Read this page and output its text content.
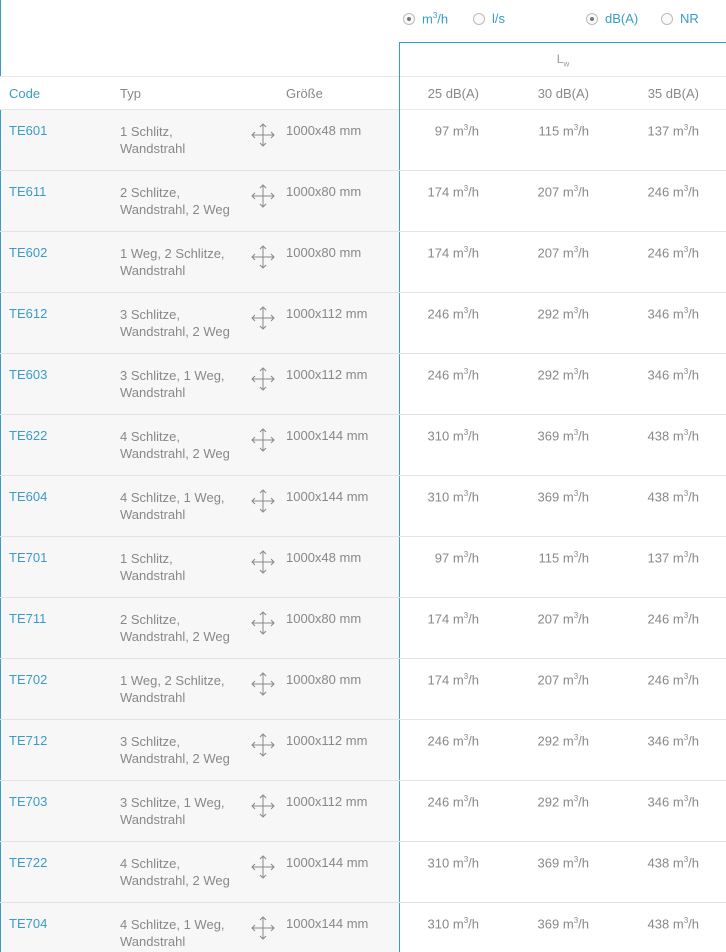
$m^3/h$	l/s	dB(A)	NR
$L_w$
Code	Typ	Größe	25 dB(A)	30 dB(A)	35 dB(A)
TE601	1 Schlitz,
Wandstrahl
1000x48 mm	97 $m^3/h$	115 $m^3/h$	137 $m^3/h$
TE611	2 Schlitze,
Wandstrahl, 2 Weg
1000x80 mm	174 $m^3/h$	207 $m^3/h$	246 $m^3/h$
TE602	1 Weg, 2 Schlitze,
Wandstrahl
1000x80 mm	174 $m^3/h$	207 $m^3/h$	246 $m^3/h$
TE612	3 Schlitze,
Wandstrahl, 2 Weg
1000x112 mm	246 $m^3/h$	292 $m^3/h$	346 $m^3/h$
TE603	3 Schlitze, 1 Weg,
Wandstrahl
1000x112 mm	246 $m^3/h$	292 $m^3/h$	346 $m^3/h$
TE622	4 Schlitze,
Wandstrahl, 2 Weg
1000x144 mm	310 $m^3/h$	369 $m^3/h$	438 $m^3/h$
TE604	4 Schlitze, 1 Weg,
Wandstrahl
1000x144 mm	310 $m^3/h$	369 $m^3/h$	438 $m^3/h$
TE701	1 Schlitz,
Wandstrahl
1000x48 mm	97 $m^3/h$	115 $m^3/h$	137 $m^3/h$
TE711	2 Schlitze,
Wandstrahl, 2 Weg
1000x80 mm	174 $m^3/h$	207 $m^3/h$	246 $m^3/h$
TE702	1 Weg, 2 Schlitze,
Wandstrahl
1000x80 mm	174 $m^3/h$	207 $m^3/h$	246 $m^3/h$
TE712	3 Schlitze,
Wandstrahl, 2 Weg
1000x112 mm	246 $m^3/h$	292 $m^3/h$	346 $m^3/h$
TE703	3 Schlitze, 1 Weg,
Wandstrahl
1000x112 mm	246 $m^3/h$	292 $m^3/h$	346 $m^3/h$
TE722	4 Schlitze,
Wandstrahl, 2 Weg
1000x144 mm	310 $m^3/h$	369 $m^3/h$	438 $m^3/h$
TE704	4 Schlitze, 1 Weg,
Wandstrahl
1000x144 mm	310 $m^3/h$	369 $m^3/h$	438 $m^3/h$
